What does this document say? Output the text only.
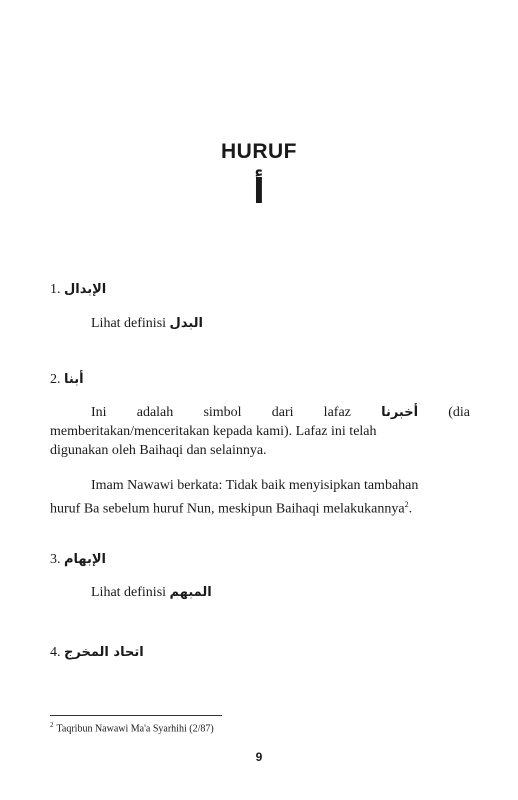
HURUF
أ
1. الإبدال
Lihat definisi البدل
2. أبنا

Ini adalah simbol dari lafaz أخبرنا (dia

memberitakan/menceritakan kepada kami). Lafaz ini telah
digunakan oleh Baihaqi dan selainnya.

Imam Nawawi berkata: Tidak baik menyisipkan tambahan

huruf Ba sebelum huruf Nun, meskipun Baihaqi melakukannya$^2$.
3. الإبهام
Lihat definisi المبهم
4. اتحاد المخرج
$^2$ Taqribun Nawawi Ma'a Syarhihi (2/87)
9
